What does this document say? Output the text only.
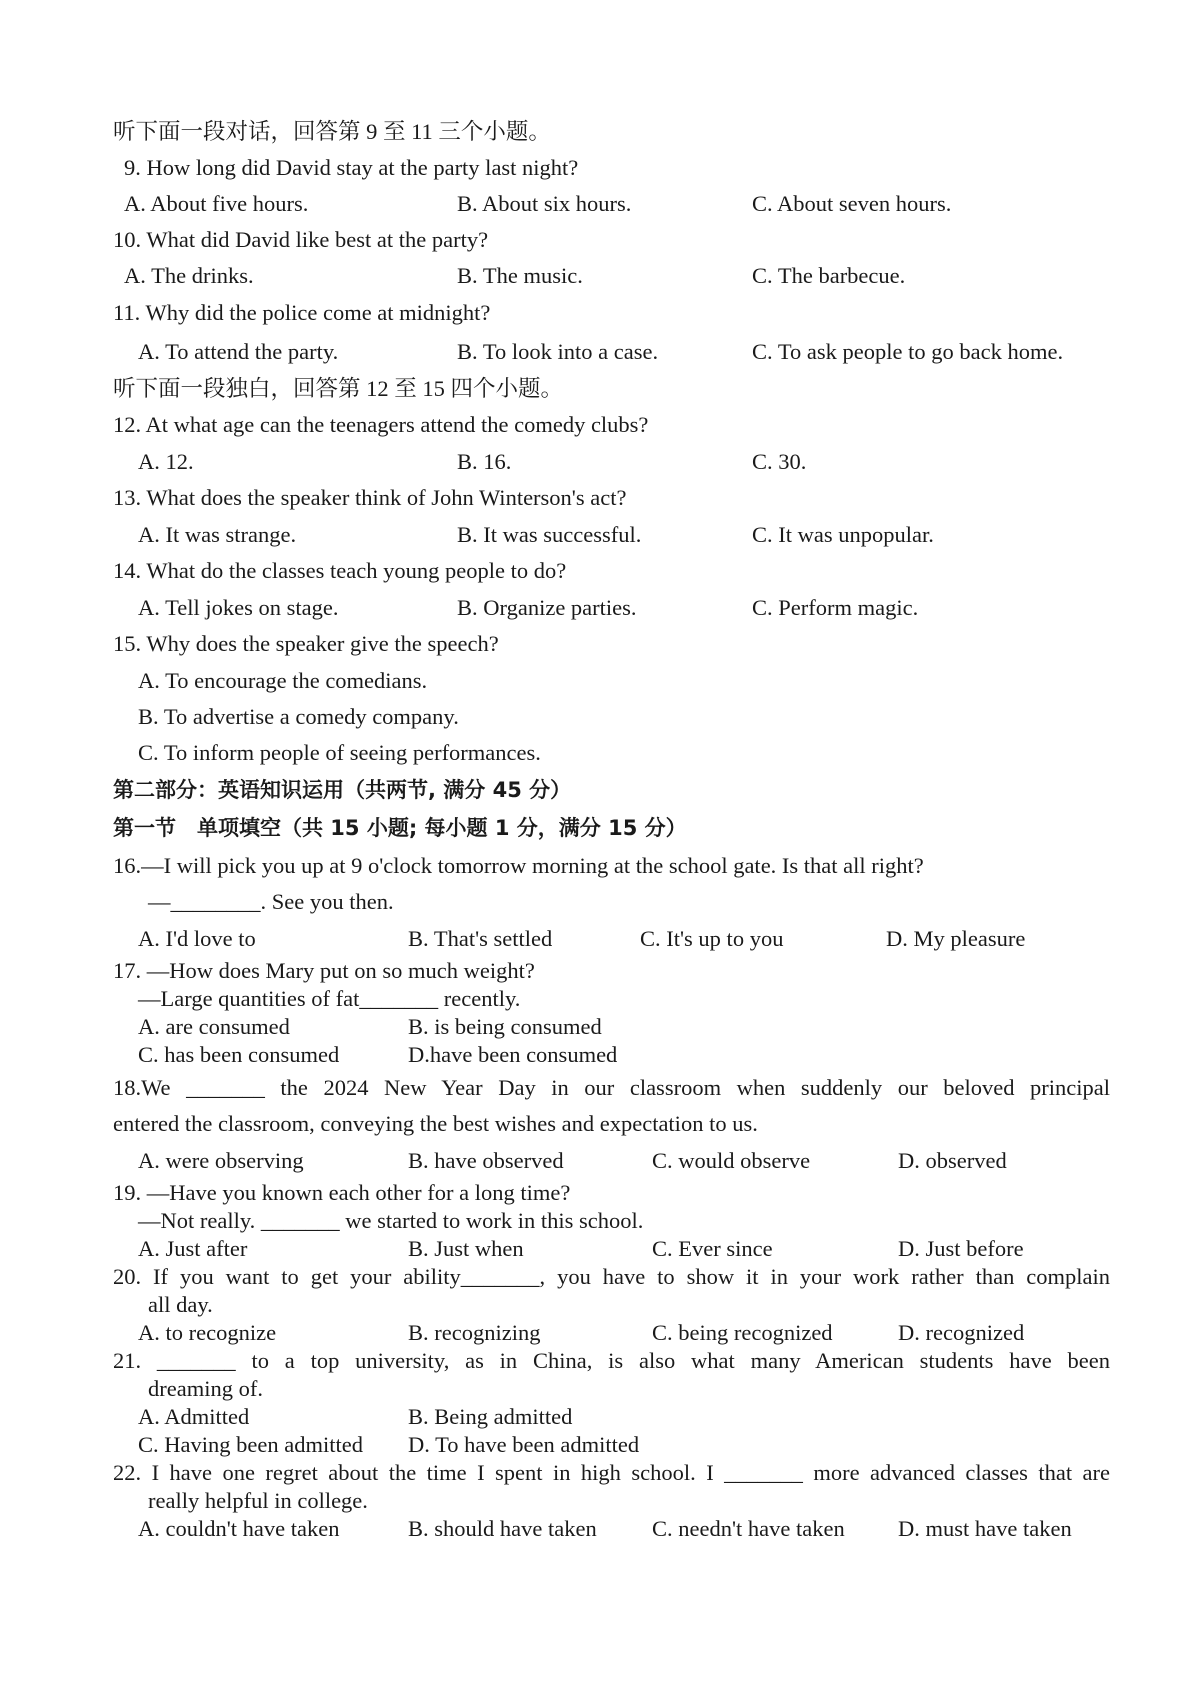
听下面一段对话，回答第 9 至 11 三个小题。
9. How long did David stay at the party last night?
A. About five hours.	B. About six hours.	C. About seven hours.
10. What did David like best at the party?
A. The drinks.	B. The music.	C. The barbecue.
11. Why did the police come at midnight?
A. To attend the party.	B. To look into a case.	C. To ask people to go back home.
听下面一段独白，回答第 12 至 15 四个小题。
12. At what age can the teenagers attend the comedy clubs?
A. 12.	B. 16.	C. 30.
13. What does the speaker think of John Winterson's act?
A. It was strange.	B. It was successful.	C. It was unpopular.
14. What do the classes teach young people to do?
A. Tell jokes on stage.	B. Organize parties.	C. Perform magic.
15. Why does the speaker give the speech?
A. To encourage the comedians.
B. To advertise a comedy company.
C. To inform people of seeing performances.
第二部分：英语知识运用（共两节, 满分 45 分）
第一节　单项填空（共 15 小题; 每小题 1 分，满分 15 分）
16.—I will pick you up at 9 o'clock tomorrow morning at the school gate. Is that all right?
—________. See you then.
A. I'd love to	B. That's settled	C. It's up to you	D. My pleasure
17. —How does Mary put on so much weight?
—Large quantities of fat_______ recently.
A. are consumed	B. is being consumed
C. has been consumed	D.have been consumed
18.We _______ the 2024 New Year Day in our classroom when suddenly our beloved principal
entered the classroom, conveying the best wishes and expectation to us.
A. were observing	B. have observed	C. would observe	D. observed
19. —Have you known each other for a long time?
—Not really. _______ we started to work in this school.
A. Just after	B. Just when	C. Ever since	D. Just before
20. If you want to get your ability_______, you have to show it in your work rather than complain
all day.
A. to recognize	B. recognizing	C. being recognized	D. recognized
21. _______ to a top university, as in China, is also what many American students have been
dreaming of.
A. Admitted	B. Being admitted
C. Having been admitted D. To have been admitted
22. I have one regret about the time I spent in high school. I _______ more advanced classes that are
really helpful in college.
A. couldn't have taken	B. should have taken C. needn't have taken D. must have taken
